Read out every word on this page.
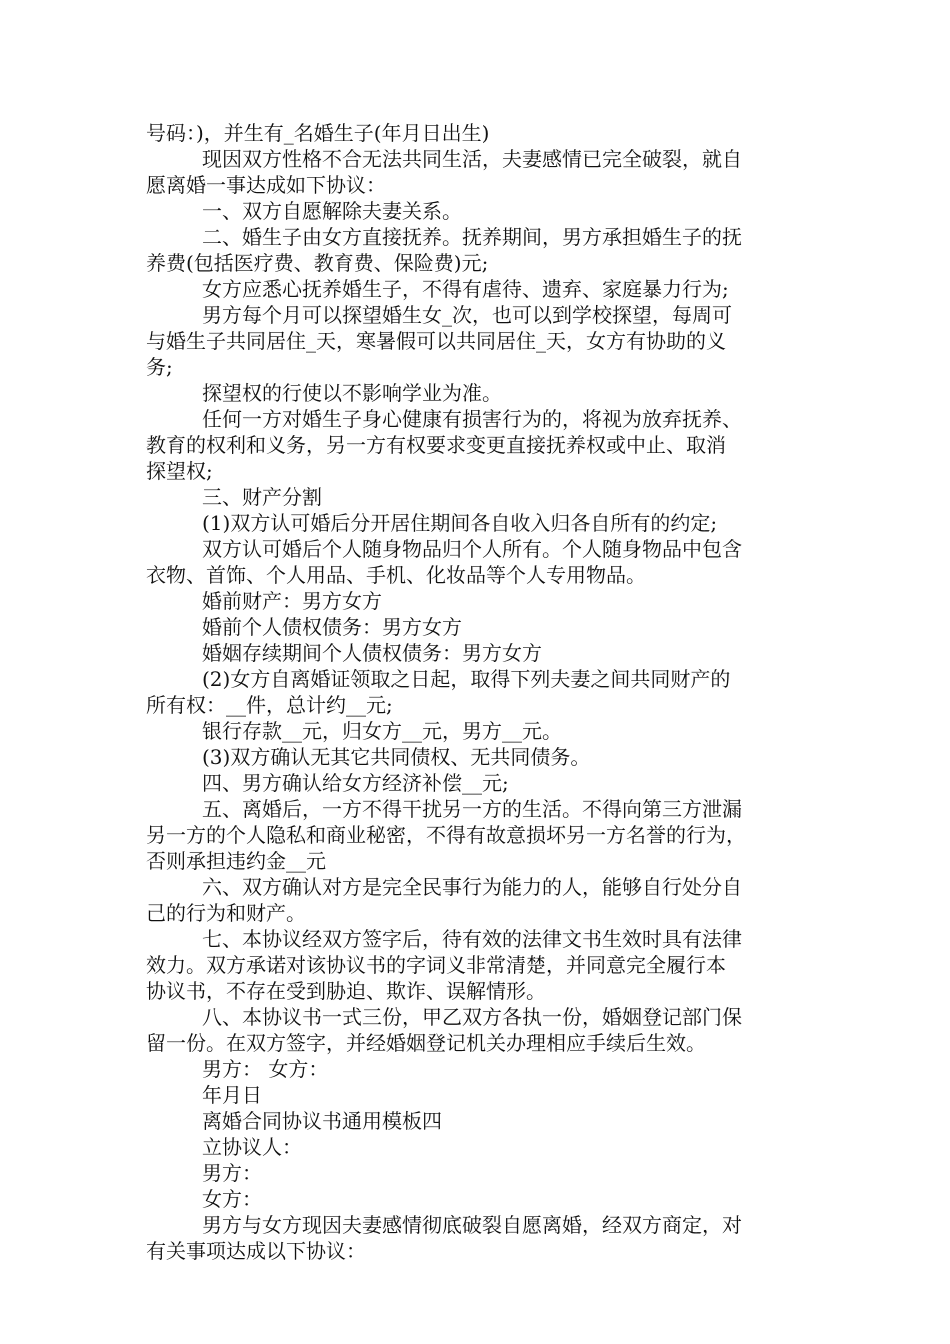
号码：)，并生有_名婚生子(年月日出生)
现因双方性格不合无法共同生活，夫妻感情已完全破裂，就自
愿离婚一事达成如下协议：
一、双方自愿解除夫妻关系。
二、婚生子由女方直接抚养。抚养期间，男方承担婚生子的抚
养费(包括医疗费、教育费、保险费)元;
女方应悉心抚养婚生子，不得有虐待、遗弃、家庭暴力行为;
男方每个月可以探望婚生女_次，也可以到学校探望，每周可
与婚生子共同居住_天，寒暑假可以共同居住_天，女方有协助的义
务;
探望权的行使以不影响学业为准。
任何一方对婚生子身心健康有损害行为的，将视为放弃抚养、
教育的权利和义务，另一方有权要求变更直接抚养权或中止、取消
探望权;
三、财产分割
(1)双方认可婚后分开居住期间各自收入归各自所有的约定;
双方认可婚后个人随身物品归个人所有。个人随身物品中包含
衣物、首饰、个人用品、手机、化妆品等个人专用物品。
婚前财产：男方女方
婚前个人债权债务：男方女方
婚姻存续期间个人债权债务：男方女方
(2)女方自离婚证领取之日起，取得下列夫妻之间共同财产的
所有权：__件，总计约__元;
银行存款__元，归女方__元，男方__元。
(3)双方确认无其它共同债权、无共同债务。
四、男方确认给女方经济补偿__元;
五、离婚后，一方不得干扰另一方的生活。不得向第三方泄漏
另一方的个人隐私和商业秘密，不得有故意损坏另一方名誉的行为，
否则承担违约金__元
六、双方确认对方是完全民事行为能力的人，能够自行处分自
己的行为和财产。
七、本协议经双方签字后，待有效的法律文书生效时具有法律
效力。双方承诺对该协议书的字词义非常清楚，并同意完全履行本
协议书，不存在受到胁迫、欺诈、误解情形。
八、本协议书一式三份，甲乙双方各执一份，婚姻登记部门保
留一份。在双方签字，并经婚姻登记机关办理相应手续后生效。
男方： 女方：
年月日
离婚合同协议书通用模板四
立协议人：
男方：
女方：
男方与女方现因夫妻感情彻底破裂自愿离婚，经双方商定，对
有关事项达成以下协议：
